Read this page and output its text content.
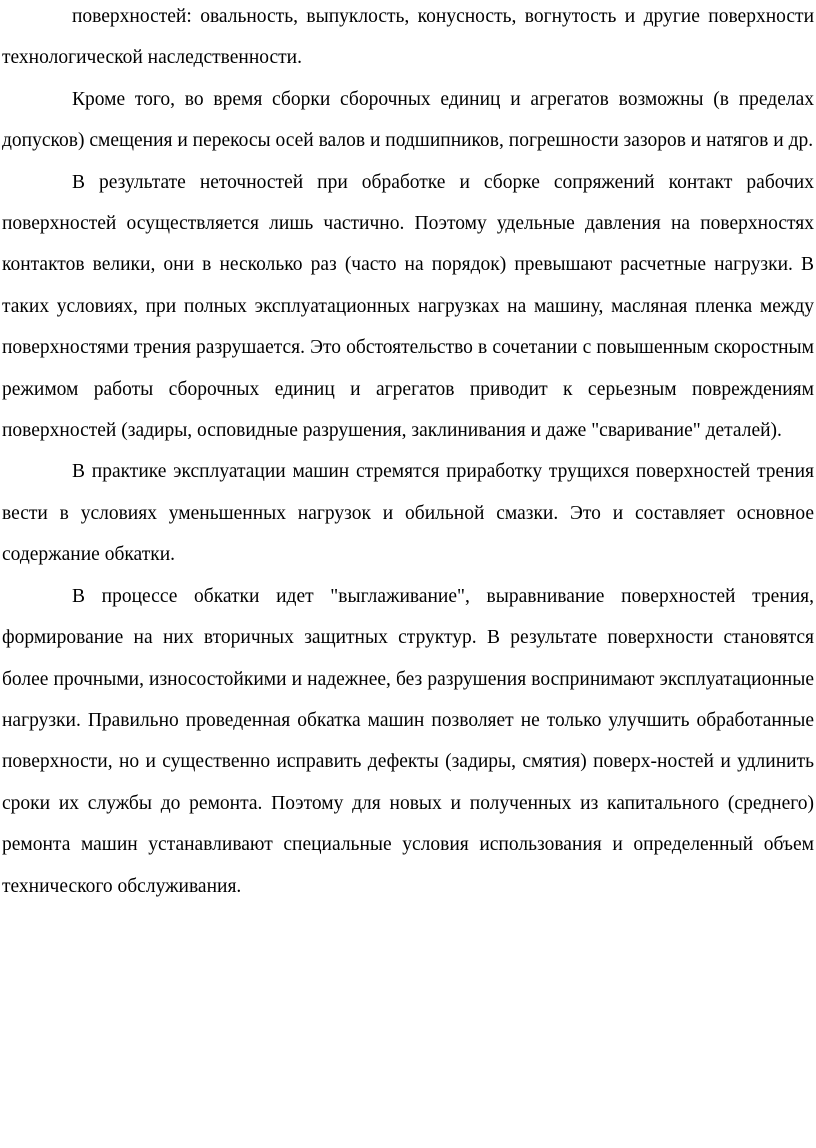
поверхностей: овальность, выпуклость, конусность, вогнутость и другие поверхности технологической наследственности.

Кроме того, во время сборки сборочных единиц и агрегатов возможны (в пределах допусков) смещения и перекосы осей валов и подшипников, погрешности зазоров и натягов и др.

В результате неточностей при обработке и сборке сопряжений контакт рабочих поверхностей осуществляется лишь частично. Поэтому удельные давления на поверхностях контактов велики, они в несколько раз (часто на порядок) превышают расчетные нагрузки. В таких условиях, при полных эксплуатационных нагрузках на машину, масляная пленка между поверхностями трения разрушается. Это обстоятельство в сочетании с повышенным скоростным режимом работы сборочных единиц и агрегатов приводит к серьезным повреждениям поверхностей (задиры, осповидные разрушения, заклинивания и даже "сваривание" деталей).

В практике эксплуатации машин стремятся приработку трущихся поверхностей трения вести в условиях уменьшенных нагрузок и обильной смазки. Это и составляет основное содержание обкатки.

В процессе обкатки идет "выглаживание", выравнивание поверхностей трения, формирование на них вторичных защитных структур. В результате поверхности становятся более прочными, износостойкими и надежнее, без разрушения воспринимают эксплуатационные нагрузки. Правильно проведенная обкатка машин позволяет не только улучшить обработанные поверхности, но и существенно исправить дефекты (задиры, смятия) поверх-ностей и удлинить сроки их службы до ремонта. Поэтому для новых и полученных из капитального (среднего) ремонта машин устанавливают специальные условия использования и определенный объем технического обслуживания.
